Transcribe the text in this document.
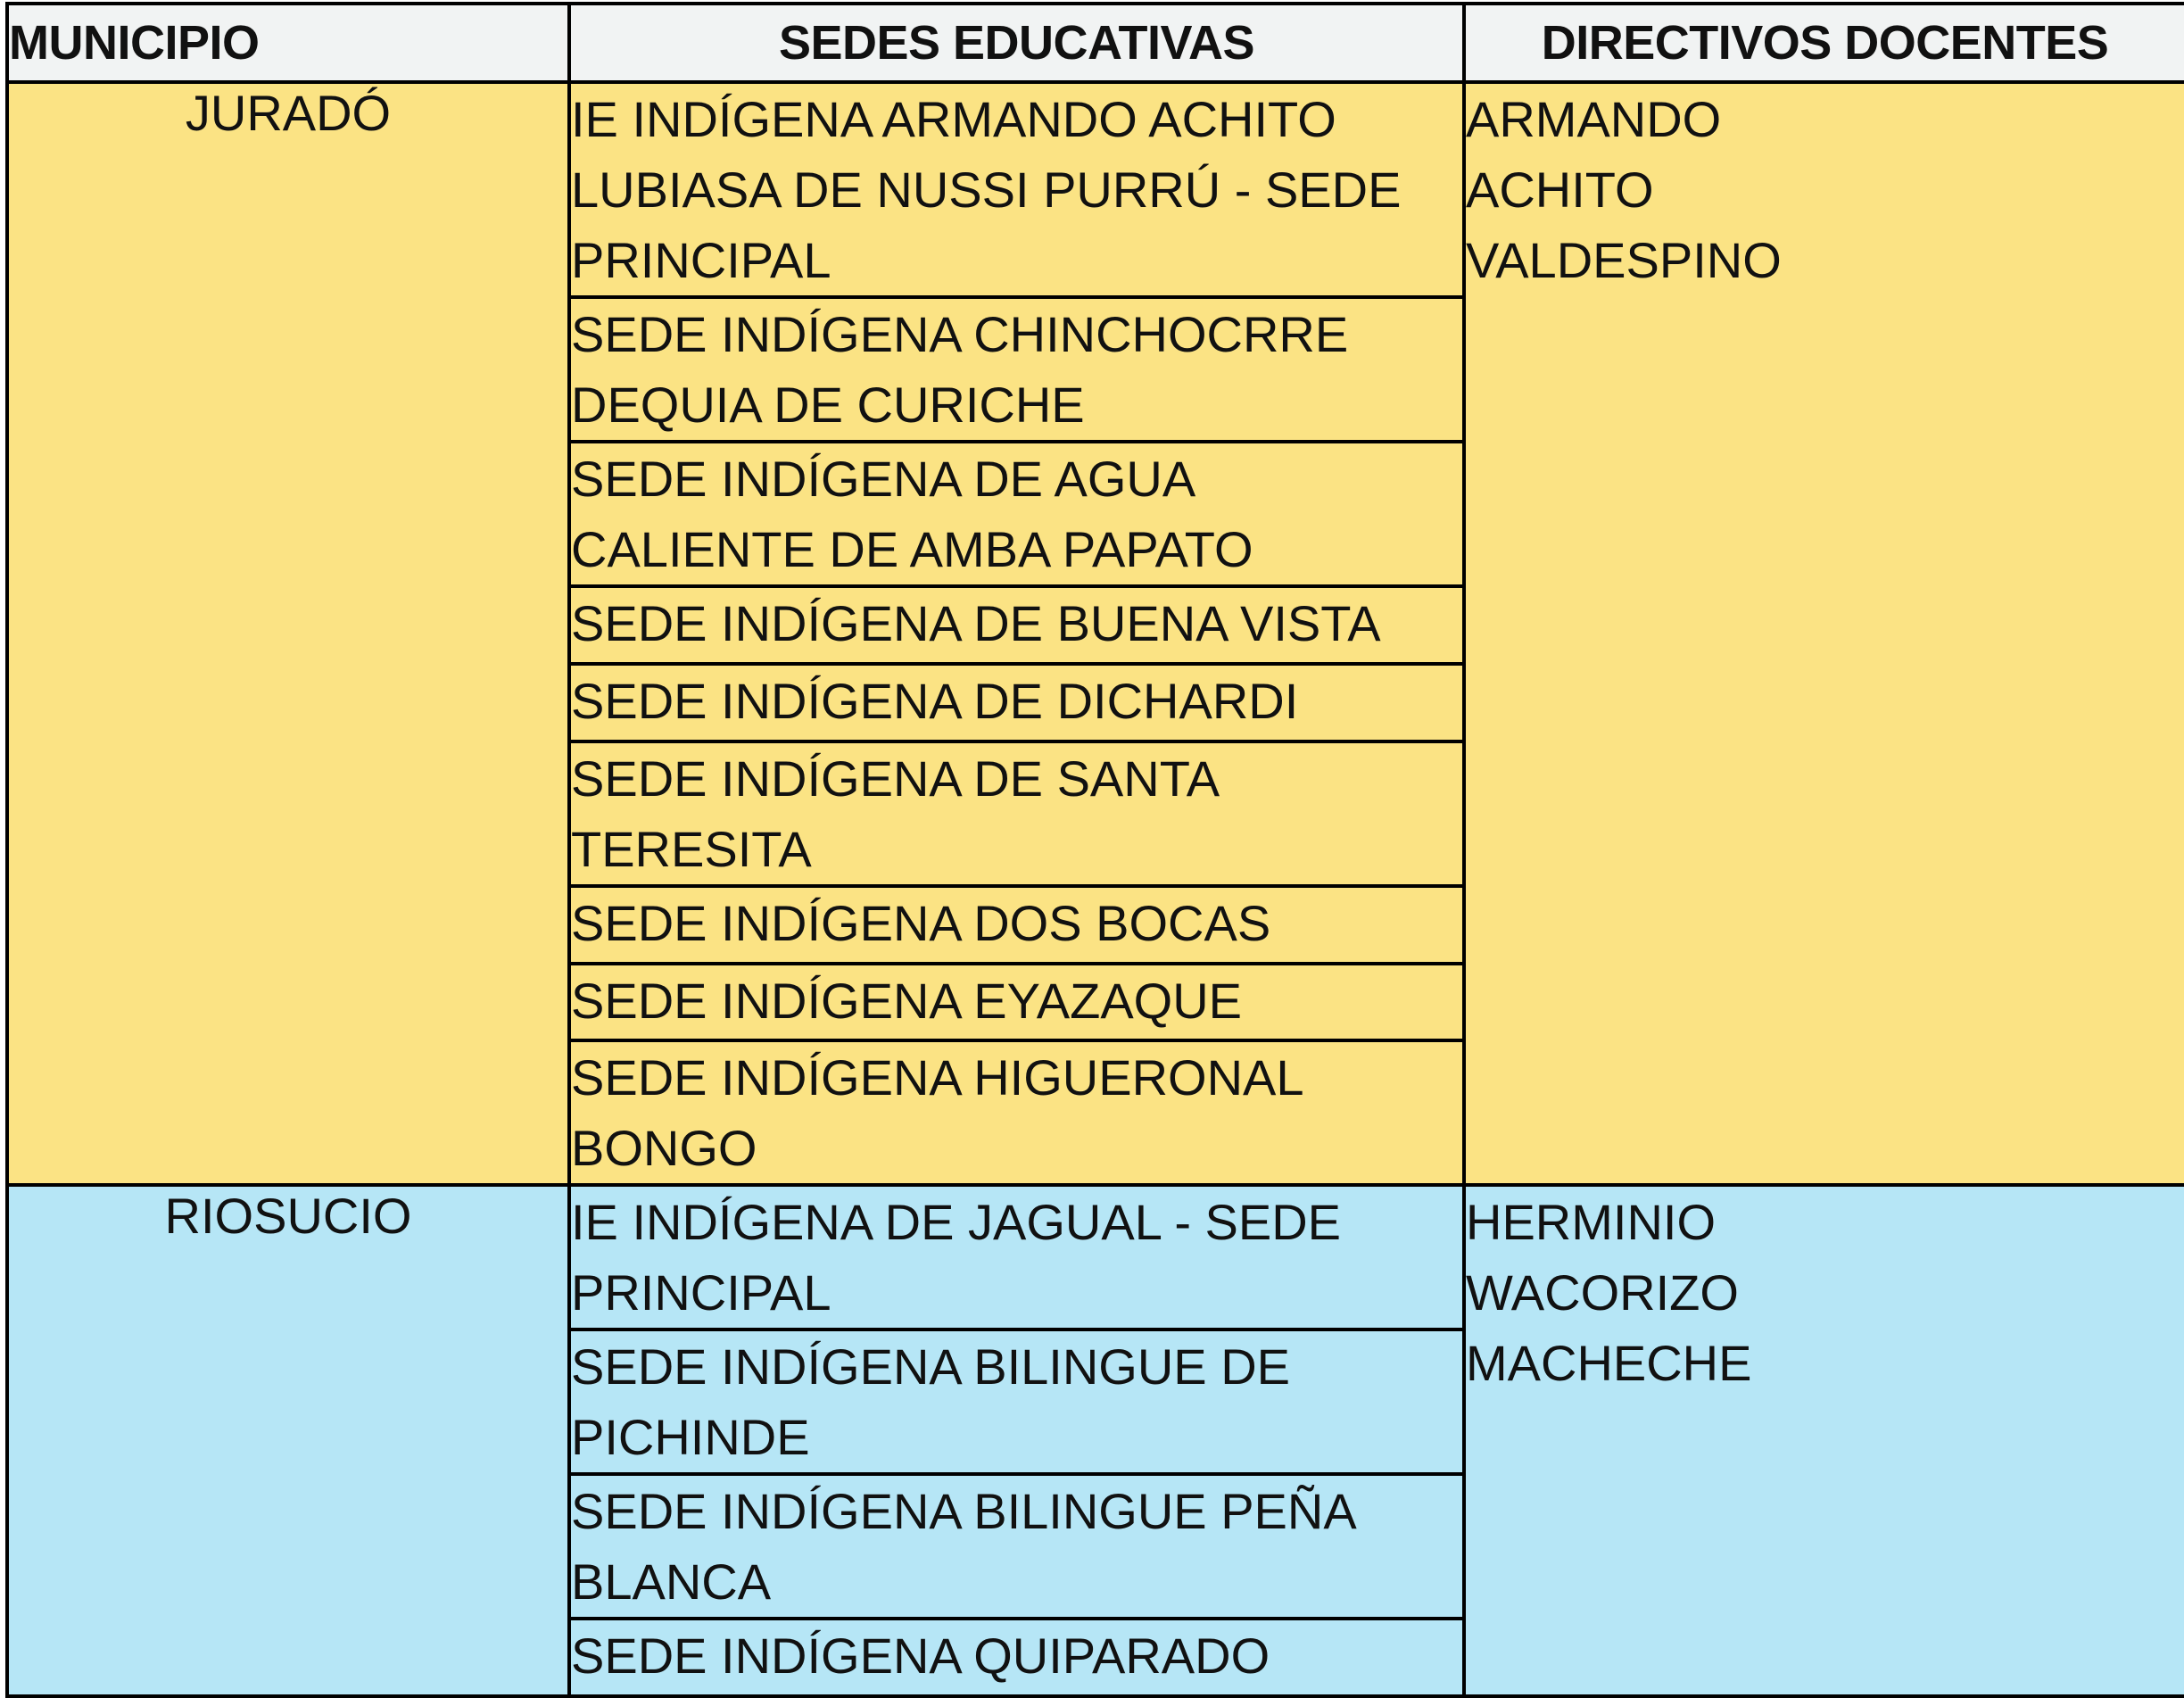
MUNICIPIO	SEDES EDUCATIVAS	DIRECTIVOS DOCENTES
JURADÓ	IE INDÍGENA ARMANDO ACHITO LUBIASA DE NUSSI PURRÚ - SEDE PRINCIPAL	ARMANDO ACHITO VALDESPINO
	SEDE INDÍGENA CHINCHOCRRE DEQUIA DE CURICHE	
	SEDE INDÍGENA DE AGUA CALIENTE DE AMBA PAPATO	
	SEDE INDÍGENA DE BUENA VISTA	
	SEDE INDÍGENA DE DICHARDI	
	SEDE INDÍGENA DE SANTA TERESITA	
	SEDE INDÍGENA DOS BOCAS	
	SEDE INDÍGENA EYAZAQUE	
	SEDE INDÍGENA HIGUERONAL BONGO	
RIOSUCIO	IE INDÍGENA DE JAGUAL - SEDE PRINCIPAL	HERMINIO WACORIZO MACHECHE
	SEDE INDÍGENA BILINGUE DE PICHINDE	
	SEDE INDÍGENA BILINGUE PEÑA BLANCA	
	SEDE INDÍGENA QUIPARADO	
